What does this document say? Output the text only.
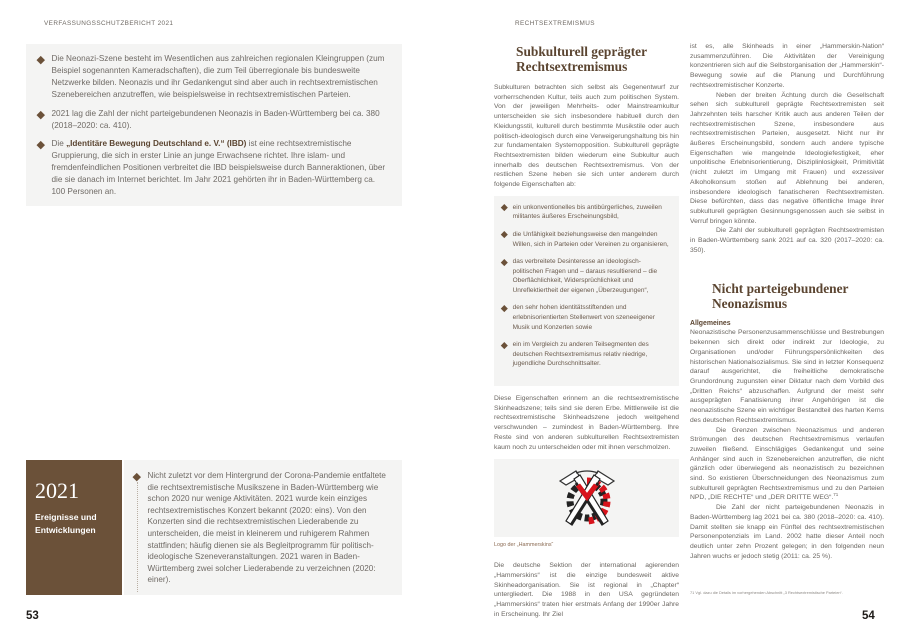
VERFASSUNGSSCHUTZBERICHT 2021
Die Neonazi-Szene besteht im Wesentlichen aus zahlreichen regionalen Kleingruppen (zum Beispiel sogenannten Kameradschaften), die zum Teil überregionale bis bundesweite Netzwerke bilden. Neonazis und ihr Gedankengut sind aber auch in rechtsextremistischen Szenebereichen anzutreffen, wie beispielsweise in rechtsextremistischen Parteien.
2021 lag die Zahl der nicht parteigebundenen Neonazis in Baden-Württemberg bei ca. 380 (2018–2020: ca. 410).
Die „Identitäre Bewegung Deutschland e. V.“ (IBD) ist eine rechtsextremistische Gruppierung, die sich in erster Linie an junge Erwachsene richtet. Ihre islam- und fremdenfeindlichen Positionen verbreitet die IBD beispielsweise durch Banneraktionen, über die sie danach im Internet berichtet. Im Jahr 2021 gehörten ihr in Baden-Württemberg ca. 100 Personen an.
2021
Ereignisse und Entwicklungen
Nicht zuletzt vor dem Hintergrund der Corona-Pandemie entfaltete die rechtsextremistische Musikszene in Baden-Württemberg wie schon 2020 nur wenige Aktivitäten. 2021 wurde kein einziges rechtsextremistisches Konzert bekannt (2020: eins). Von den Konzerten sind die rechtsextremistischen Liederabende zu unterscheiden, die meist in kleinerem und ruhigerem Rahmen stattfinden; häufig dienen sie als Begleitprogramm für politisch-ideologische Szeneveranstaltungen. 2021 waren in Baden-Württemberg zwei solcher Liederabende zu verzeichnen (2020: einer).
53
RECHTSEXTREMISMUS
Subkulturell geprägter Rechtsextremismus

Subkulturen betrachten sich selbst als Gegenentwurf zur vorherrschenden Kultur, teils auch zum politischen System. Von der jeweiligen Mehrheits- oder Mainstreamkultur unterscheiden sie sich insbesondere habituell durch den Kleidungsstil, kulturell durch bestimmte Musikstile oder auch politisch-ideologisch durch eine Verweigerungshaltung bis hin zur fundamentalen Systemopposition. Subkulturell geprägte Rechtsextremisten bilden wiederum eine Subkultur auch innerhalb des deutschen Rechtsextremismus. Von der restlichen Szene heben sie sich unter anderem durch folgende Eigenschaften ab:

ein unkonventionelles bis antibürgerliches, zuweilen militantes äußeres Erscheinungsbild,
die Unfähigkeit beziehungsweise den mangelnden Willen, sich in Parteien oder Vereinen zu organisieren,
das verbreitete Desinteresse an ideologisch-politischen Fragen und – daraus resultierend – die Oberflächlichkeit, Widersprüchlichkeit und Unreflektiertheit der eigenen „Überzeugungen“,
den sehr hohen identitätsstiftenden und erlebnisorientierten Stellenwert von szeneeigener Musik und Konzerten sowie
ein im Vergleich zu anderen Teilsegmenten des deutschen Rechtsextremismus relativ niedrige, jugendliche Durchschnittsalter.

Diese Eigenschaften erinnern an die rechtsextremistische Skinheadszene; teils sind sie deren Erbe. Mittlerweile ist die rechtsextremistische Skinheadszene jedoch weitgehend verschwunden – zumindest in Baden-Württemberg. Ihre Reste sind von anderen subkulturellen Rechtsextremisten kaum noch zu unterscheiden oder mit ihnen verschmolzen.

Logo der „Hammerskins“

Die deutsche Sektion der international agierenden „Hammerskins“ ist die einzige bundesweit aktive Skinheadorganisation. Sie ist regional in „Chapter“ untergliedert. Die 1988 in den USA gegründeten „Hammerskins“ traten hier erstmals Anfang der 1990er Jahre in Erscheinung. Ihr Ziel

ist es, alle Skinheads in einer „Hammerskin-Nation“ zusammenzuführen. Die Aktivitäten der Vereinigung konzentrieren sich auf die Selbstorganisation der „Hammerskin“-Bewegung sowie auf die Planung und Durchführung rechtsextremistischer Konzerte.

Neben der breiten Ächtung durch die Gesellschaft sehen sich subkulturell geprägte Rechtsextremisten seit Jahrzehnten teils harscher Kritik auch aus anderen Teilen der rechtsextremistischen Szene, insbesondere aus rechtsextremistischen Parteien, ausgesetzt. Nicht nur ihr äußeres Erscheinungsbild, sondern auch andere typische Eigenschaften wie mangelnde Ideologiefestigkeit, eher unpolitische Erlebnisorientierung, Disziplinlosigkeit, Primitivität (nicht zuletzt im Umgang mit Frauen) und exzessiver Alkoholkonsum stoßen auf Ablehnung bei anderen, insbesondere ideologisch fanatischeren Rechtsextremisten. Diese befürchten, dass das negative öffentliche Image ihrer subkulturell geprägten Gesinnungsgenossen auch sie selbst in Verruf bringen könnte.

Die Zahl der subkulturell geprägten Rechtsextremisten in Baden-Württemberg sank 2021 auf ca. 320 (2017–2020: ca. 350).

Nicht parteigebundener Neonazismus
Allgemeines

Neonazistische Personenzusammenschlüsse und Bestrebungen bekennen sich direkt oder indirekt zur Ideologie, zu Organisationen und/oder Führungspersönlichkeiten des historischen Nationalsozialismus. Sie sind in letzter Konsequenz darauf ausgerichtet, die freiheitliche demokratische Grundordnung zugunsten einer Diktatur nach dem Vorbild des „Dritten Reichs“ abzuschaffen. Aufgrund der meist sehr ausgeprägten Fanatisierung ihrer Angehörigen ist die neonazistische Szene ein wichtiger Bestandteil des harten Kerns des deutschen Rechtsextremismus.

Die Grenzen zwischen Neonazismus und anderen Strömungen des deutschen Rechtsextremismus verlaufen zuweilen fließend. Einschlägiges Gedankengut und seine Anhänger sind auch in Szenebereichen anzutreffen, die nicht gänzlich oder überwiegend als neonazistisch zu bezeichnen sind. So existieren Überschneidungen des Neonazismus zum subkulturell geprägten Rechtsextremismus und zu den Parteien NPD, „DIE RECHTE“ und „DER DRITTE WEG“.$^{71}$

Die Zahl der nicht parteigebundenen Neonazis in Baden-Württemberg lag 2021 bei ca. 380 (2018–2020: ca. 410). Damit stellten sie knapp ein Fünftel des rechtsextremistischen Personenpotenzials im Land. 2002 hatte dieser Anteil noch deutlich unter zehn Prozent gelegen; in den folgenden neun Jahren wuchs er jedoch stetig (2011: ca. 25 %).

71 Vgl. dazu die Details im vorhergehenden Abschnitt „3 Rechtsextremistische Parteien“.
54
